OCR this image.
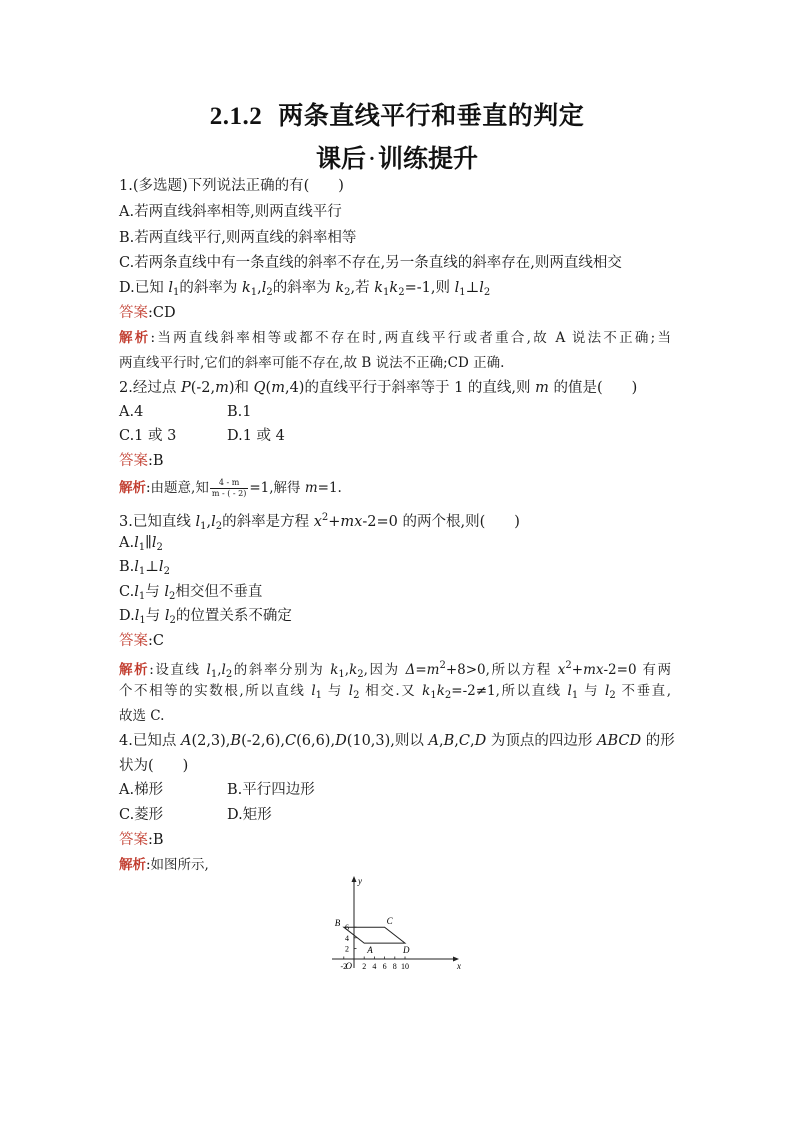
2.1.2 两条直线平行和垂直的判定
课后·训练提升
1.(多选题)下列说法正确的有(　　)
A.若两直线斜率相等,则两直线平行
B.若两直线平行,则两直线的斜率相等
C.若两条直线中有一条直线的斜率不存在,另一条直线的斜率存在,则两直线相交
D.已知 $l_1$的斜率为 $k_1,l_2$的斜率为 $k_2$,若 $k_1k_2=-1$,则 $l_1\perp l_2$
答案:CD
解析:当两直线斜率相等或都不存在时,两直线平行或者重合,故 A 说法不正确;当
两直线平行时,它们的斜率可能不存在,故 B 说法不正确;CD 正确.
2.经过点 P(-2,m)和 Q(m,4)的直线平行于斜率等于 1 的直线,则 m 的值是(　　)
A.4	B.1
C.1 或 3	D.1 或 4
答案:B
解析:由题意,知 $\frac{4 - m}{m - ( - 2)} =1$,解得 m=1.
3.已知直线 $l_1,l_2$的斜率是方程 $x^2+mx-2=0$ 的两个根,则(　　)
$A.l_1\parallel l_2$
$B.l_1\perp l_2$
$C.l_1$与 $l_2$相交但不垂直
$D.l_1$与 $l_2$的位置关系不确定
答案:C
解析:设直线 $l_1,l_2$的斜率分别为 $k_1,k_2$,因为 $\Delta=m^2+8>0$,所以方程 $x^2+mx-2=0$ 有两
个不相等的实数根,所以直线 $l_1$ 与 $l_2$ 相交.又 $k_1k_2=-2\ne 1$,所以直线 $l_1$ 与 $l_2$ 不垂直,
故选 C.
4.已知点 A(2,3),B(-2,6),C(6,6),D(10,3),则以 A,B,C,D 为顶点的四边形 ABCD 的形
状为(　　)
A.梯形	B.平行四边形
C.菱形	D.矩形
答案:B
解析:如图所示,
x
y
O
-2 2 4 6 8 10
2
4
6
A
B	C
D
